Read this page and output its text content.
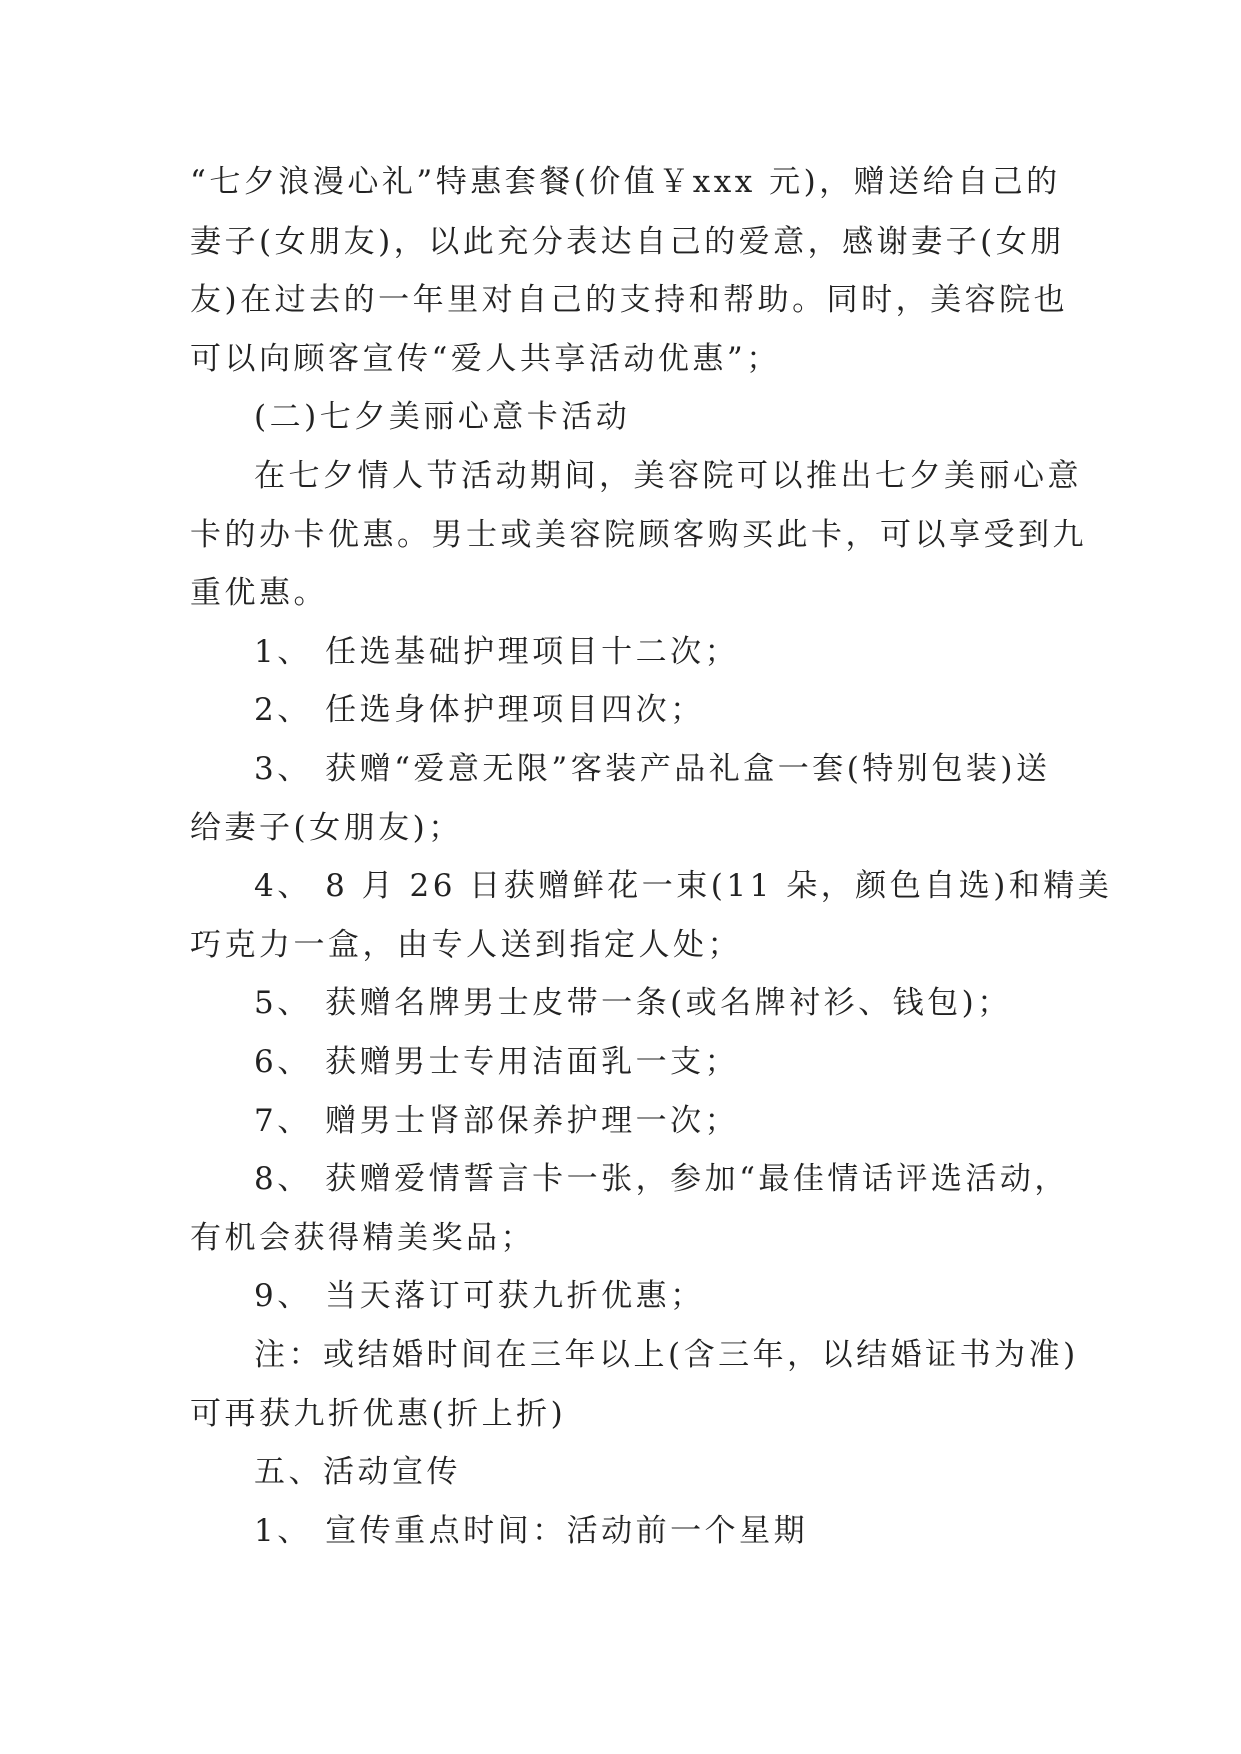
“七夕浪漫心礼”特惠套餐(价值￥xxx 元)，赠送给自己的
妻子(女朋友)，以此充分表达自己的爱意，感谢妻子(女朋
友)在过去的一年里对自己的支持和帮助。同时，美容院也
可以向顾客宣传“爱人共享活动优惠”；
(二)七夕美丽心意卡活动
在七夕情人节活动期间，美容院可以推出七夕美丽心意
卡的办卡优惠。男士或美容院顾客购买此卡，可以享受到九
重优惠。
1、 任选基础护理项目十二次；
2、 任选身体护理项目四次；
3、 获赠“爱意无限”客装产品礼盒一套(特别包装)送
给妻子(女朋友)；
4、 8 月 26 日获赠鲜花一束(11 朵，颜色自选)和精美
巧克力一盒，由专人送到指定人处；
5、 获赠名牌男士皮带一条(或名牌衬衫、钱包)；
6、 获赠男士专用洁面乳一支；
7、 赠男士肾部保养护理一次；
8、 获赠爱情誓言卡一张，参加“最佳情话评选活动，
有机会获得精美奖品；
9、 当天落订可获九折优惠；
注：或结婚时间在三年以上(含三年，以结婚证书为准)
可再获九折优惠(折上折)
五、活动宣传
1、 宣传重点时间：活动前一个星期
